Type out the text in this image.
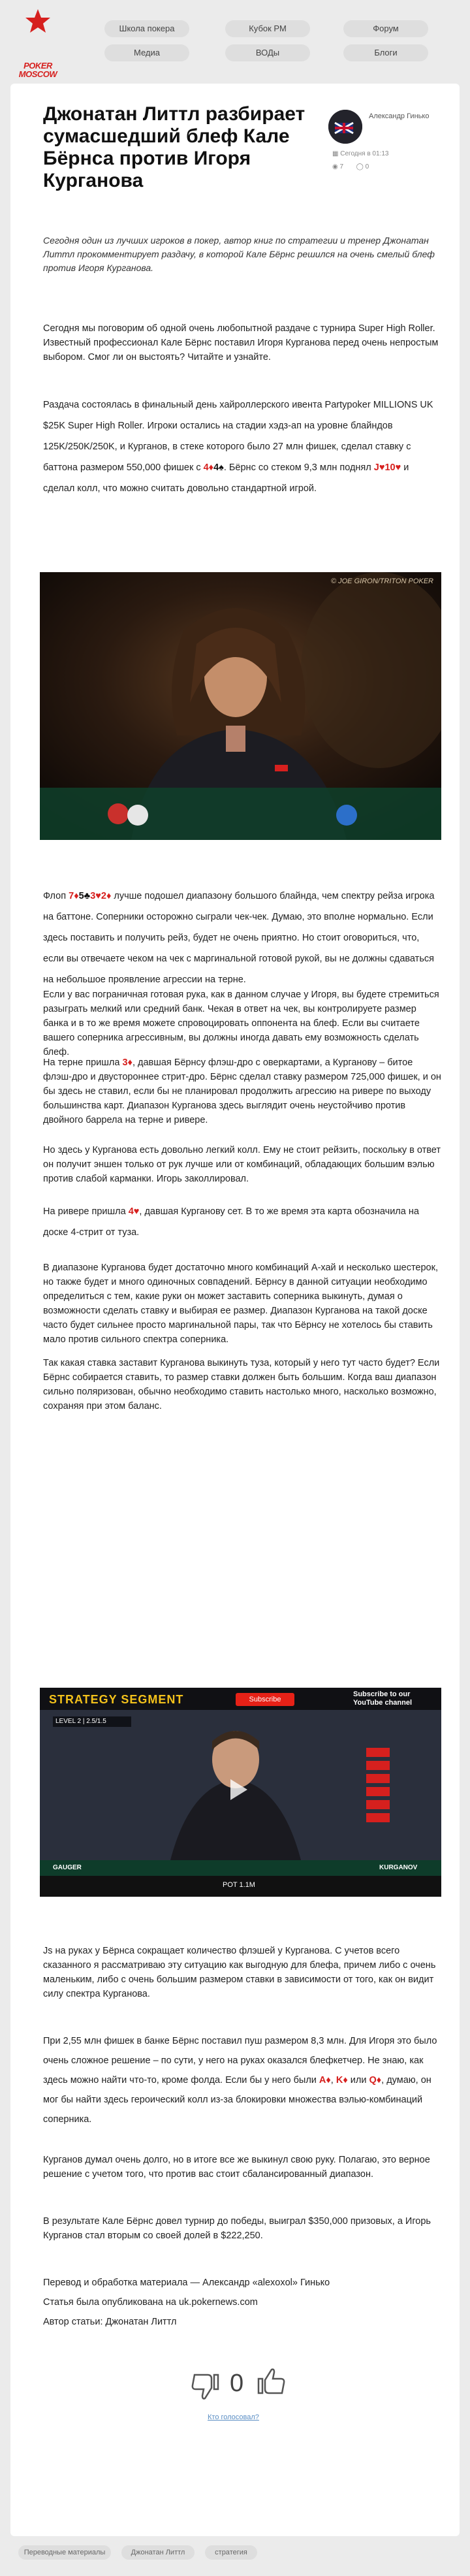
POKER
MOSCOW
Школа покера	Кубок РМ	Форум
Медиа	ВОДы	Блоги
Джонатан Литтл разбирает сумасшедший блеф Кале Бёрнса против Игоря Курганова
Александр Гинько
▦ Сегодня в 01:13
◉ 7 ◯ 0

Сегодня один из лучших игроков в покер, автор книг по стратегии и тренер Джонатан Литтл прокомментирует раздачу, в которой Кале Бёрнс решился на очень смелый блеф против Игоря Курганова.

Сегодня мы поговорим об одной очень любопытной раздаче с турнира Super High Roller. Известный профессионал Кале Бёрнс поставил Игоря Курганова перед очень непростым выбором. Смог ли он выстоять? Читайте и узнайте.

Раздача состоялась в финальный день хайроллерского ивента Partypoker MILLIONS UK $25K Super High Roller. Игроки остались на стадии хэдз-ап на уровне блайндов 125K/250K/250K, и Курганов, в стеке которого было 27 млн фишек, сделал ставку с баттона размером 550,000 фишек с 4♦4♠. Бёрнс со стеком 9,3 млн поднял J♥10♥ и сделал колл, что можно считать довольно стандартной игрой.

© JOE GIRON/TRITON POKER

Флоп 7♦5♣3♥2♦ лучше подошел диапазону большого блайнда, чем спектру рейза игрока на баттоне. Соперники осторожно сыграли чек-чек. Думаю, это вполне нормально. Если здесь поставить и получить рейз, будет не очень приятно. Но стоит оговориться, что, если вы отвечаете чеком на чек с маргинальной готовой рукой, вы не должны сдаваться на небольшое проявление агрессии на терне.

Если у вас пограничная готовая рука, как в данном случае у Игоря, вы будете стремиться разыграть мелкий или средний банк. Чекая в ответ на чек, вы контролируете размер банка и в то же время можете спровоцировать оппонента на блеф. Если вы считаете вашего соперника агрессивным, вы должны иногда давать ему возможность сделать блеф.

На терне пришла 3♦, давшая Бёрнсу флэш-дро с оверкартами, а Курганову – битое флэш-дро и двустороннее стрит-дро. Бёрнс сделал ставку размером 725,000 фишек, и он бы здесь не ставил, если бы не планировал продолжить агрессию на ривере по выходу большинства карт. Диапазон Курганова здесь выглядит очень неустойчиво против двойного баррела на терне и ривере.

Но здесь у Курганова есть довольно легкий колл. Ему не стоит рейзить, поскольку в ответ он получит эншен только от рук лучше или от комбинаций, обладающих большим вэлью против слабой карманки. Игорь заколлировал.

На ривере пришла 4♥, давшая Курганову сет. В то же время эта карта обозначила на доске 4-стрит от туза.

В диапазоне Курганова будет достаточно много комбинаций А-хай и несколько шестерок, но также будет и много одиночных совпадений. Бёрнсу в данной ситуации необходимо определиться с тем, какие руки он может заставить соперника выкинуть, думая о возможности сделать ставку и выбирая ее размер. Диапазон Курганова на такой доске часто будет сильнее просто маргинальной пары, так что Бёрнсу не хотелось бы ставить мало против сильного спектра соперника.

Так какая ставка заставит Курганова выкинуть туза, который у него тут часто будет? Если Бёрнс собирается ставить, то размер ставки должен быть большим. Когда ваш диапазон сильно поляризован, обычно необходимо ставить настолько много, насколько возможно, сохраняя при этом баланс.

STRATEGY SEGMENT	Subscribe
Subscribe to our YouTube channel
LEVEL 2 | 2.5/1.5
GAUGER	KURGANOV
POT 1.1M

Js на руках у Бёрнса сокращает количество флэшей у Курганова. С учетов всего сказанного я рассматриваю эту ситуацию как выгодную для блефа, причем либо с очень маленьким, либо с очень большим размером ставки в зависимости от того, как он видит силу спектра Курганова.

При 2,55 млн фишек в банке Бёрнс поставил пуш размером 8,3 млн. Для Игоря это было очень сложное решение – по сути, у него на руках оказался блефкетчер. Не знаю, как здесь можно найти что-то, кроме фолда. Если бы у него были A♦, K♦ или Q♦, думаю, он мог бы найти здесь героический колл из-за блокировки множества вэлью-комбинаций соперника.

Курганов думал очень долго, но в итоге все же выкинул свою руку. Полагаю, это верное решение с учетом того, что против вас стоит сбалансированный диапазон.

В результате Кале Бёрнс довел турнир до победы, выиграл $350,000 призовых, а Игорь Курганов стал вторым со своей долей в $222,250.

Перевод и обработка материала — Александр «alexoxol» Гинько

Статья была опубликована на uk.pokernews.com

Автор статьи: Джонатан Литтл

0
Кто голосовал?
Переводные материалы	Джонатан Литтл	стратегия
